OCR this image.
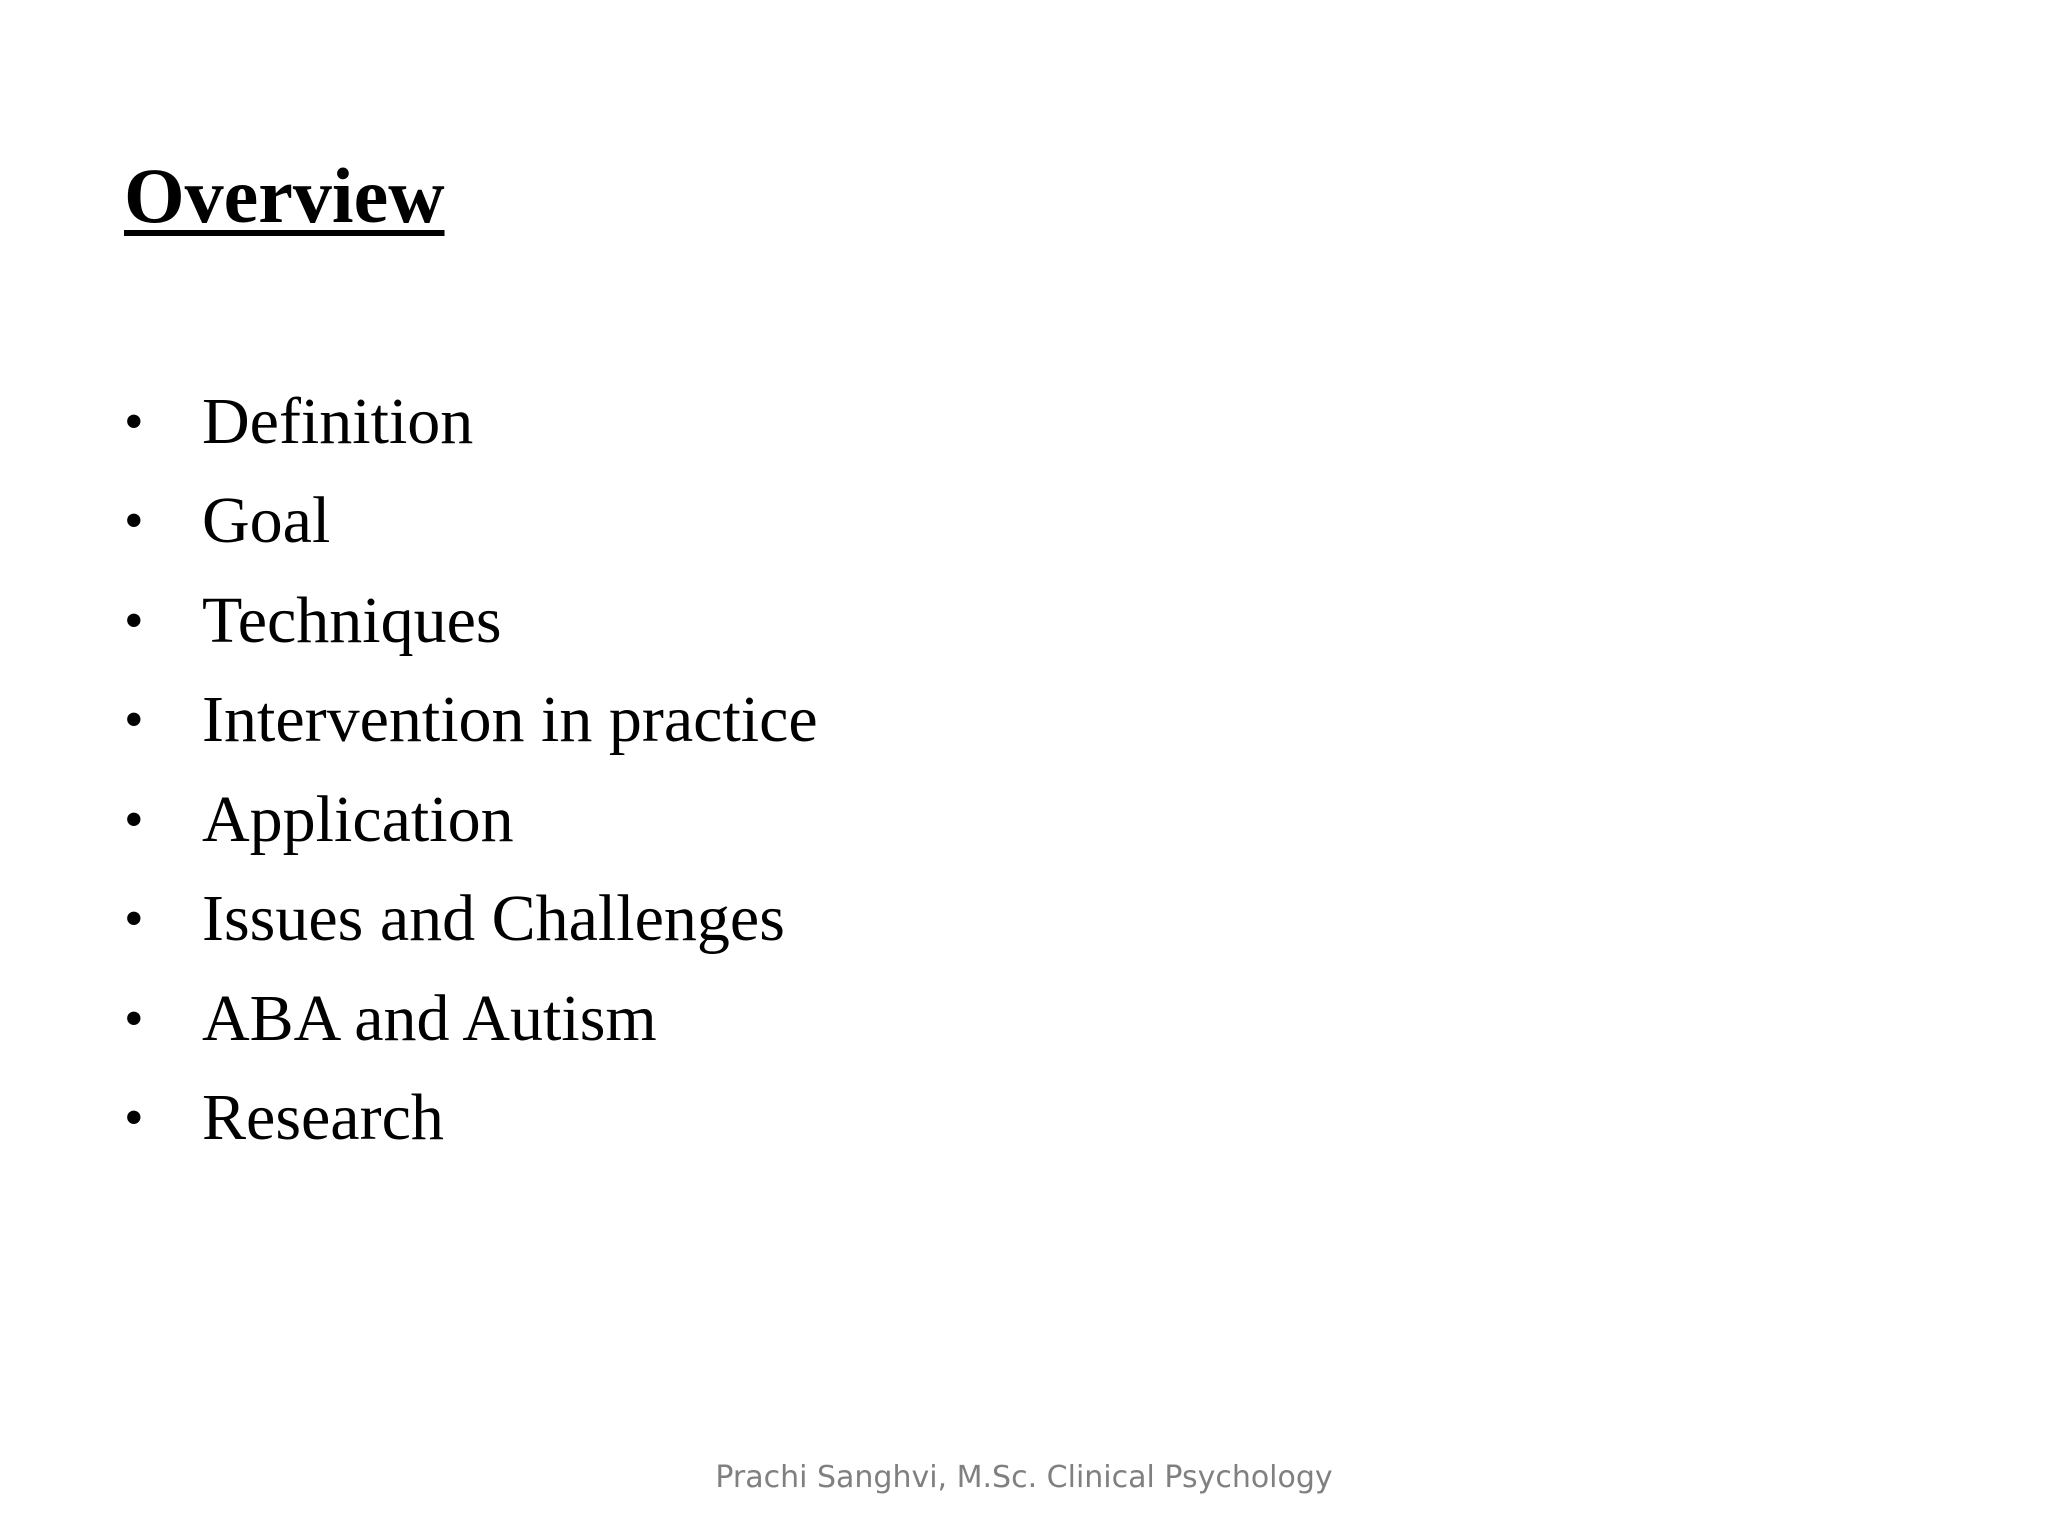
Overview
• Definition
• Goal
• Techniques
• Intervention in practice
• Application
• Issues and Challenges
• ABA and Autism
• Research
Prachi Sanghvi, M.Sc. Clinical Psychology
